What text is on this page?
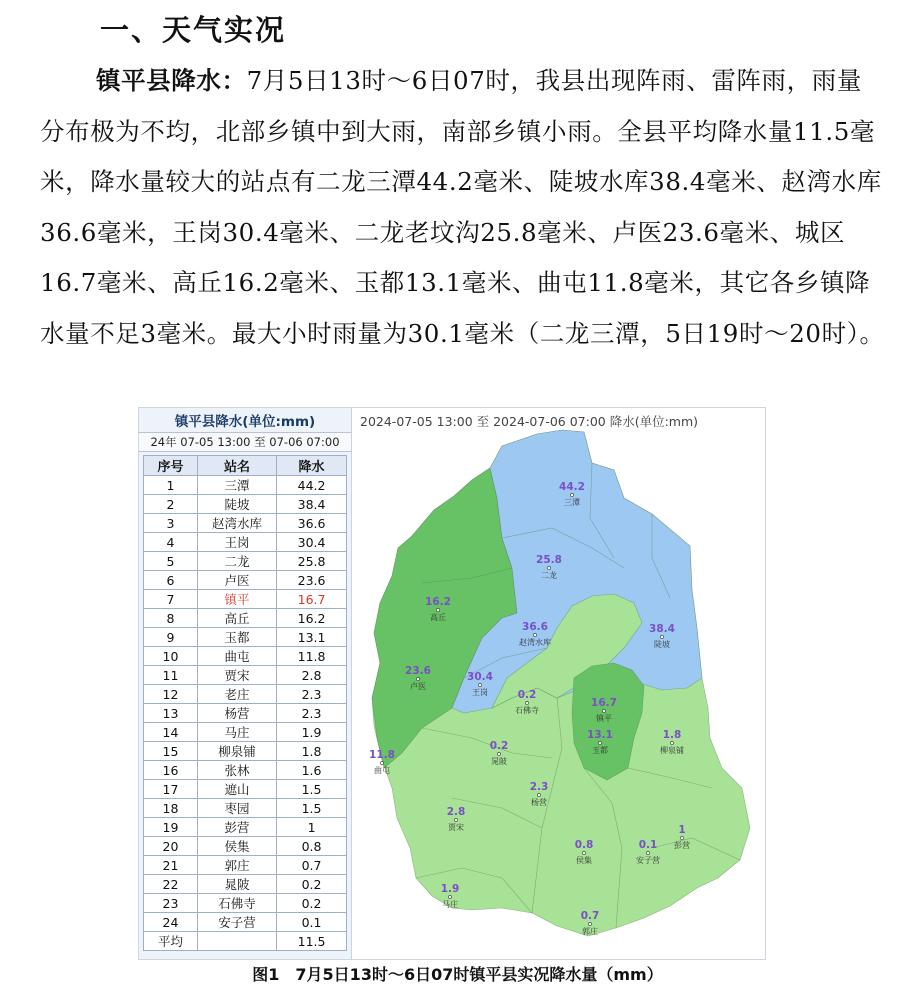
一、天气实况
镇平县降水：7月5日13时～6日07时，我县出现阵雨、雷阵雨，雨量分布极为不均，北部乡镇中到大雨，南部乡镇小雨。全县平均降水量11.5毫米，降水量较大的站点有二龙三潭44.2毫米、陡坡水库38.4毫米、赵湾水库36.6毫米，王岗30.4毫米、二龙老坟沟25.8毫米、卢医23.6毫米、城区16.7毫米、高丘16.2毫米、玉都13.1毫米、曲屯11.8毫米，其它各乡镇降水量不足3毫米。最大小时雨量为30.1毫米（二龙三潭，5日19时～20时）。
镇平县降水(单位:mm)
24年 07-05 13:00 至 07-06 07:00
序号	站名	降水
1	三潭	44.2
2	陡坡	38.4
3	赵湾水库	36.6
4	王岗	30.4
5	二龙	25.8
6	卢医	23.6
7	镇平	16.7
8	高丘	16.2
9	玉都	13.1
10	曲屯	11.8
11	贾宋	2.8
12	老庄	2.3
13	杨营	2.3
14	马庄	1.9
15	柳泉铺	1.8
16	张林	1.6
17	遮山	1.5
18	枣园	1.5
19	彭营	1
20	侯集	0.8
21	郭庄	0.7
22	晁陂	0.2
23	石佛寺	0.2
24	安子营	0.1
平均		11.5
2024-07-05 13:00 至 2024-07-06 07:00 降水(单位:mm)
44.2
三潭
25.8
二龙
16.2
高丘
36.6
赵湾水库
38.4
陡坡
23.6
卢医
30.4
王岗	0.2
石佛寺
16.7
镇平
13.1
玉都
1.8
柳泉铺
11.8
曲屯
0.2
晁陂
2.3
杨营
2.8
贾宋
0.8
侯集
0.1
安子营
1
彭营
1.9
马庄
0.7
郭庄
图1　7月5日13时～6日07时镇平县实况降水量（mm）
